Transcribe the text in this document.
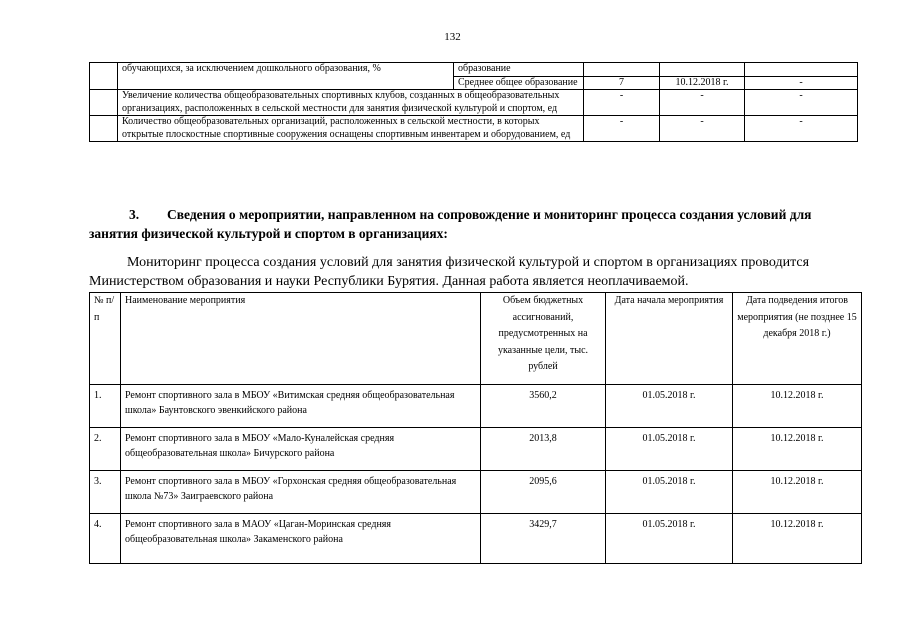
132
	обучающихся, за исключением дошкольного образования, %	образование			
		Среднее общее образование	7	10.12.2018 г.	-
	Увеличение количества общеобразовательных спортивных клубов, созданных в общеобразовательных организациях, расположенных в сельской местности для занятия физической культурой и спортом, ед		-	-	-
	Количество общеобразовательных организаций, расположенных в сельской местности, в которых открытые плоскостные спортивные сооружения оснащены спортивным инвентарем и оборудованием, ед		-	-	-
3. Сведения о мероприятии, направленном на сопровождение и мониторинг процесса создания условий для занятия физической культурой и спортом в организациях:
Мониторинг процесса создания условий для занятия физической культурой и спортом в организациях проводится Министерством образования и науки Республики Бурятия. Данная работа является неоплачиваемой.
№ п/п	Наименование мероприятия	Объем бюджетных ассигнований, предусмотренных на указанные цели, тыс. рублей	Дата начала мероприятия	Дата подведения итогов мероприятия (не позднее 15 декабря 2018 г.)
1.	Ремонт спортивного зала в МБОУ «Витимская средняя общеобразовательная школа» Баунтовского эвенкийского района	3560,2	01.05.2018 г.	10.12.2018 г.
2.	Ремонт спортивного зала в МБОУ «Мало-Куналейская средняя общеобразовательная школа» Бичурского района	2013,8	01.05.2018 г.	10.12.2018 г.
3.	Ремонт спортивного зала в МБОУ «Горхонская средняя общеобразовательная школа №73» Заиграевского района	2095,6	01.05.2018 г.	10.12.2018 г.
4.	Ремонт спортивного зала в МАОУ «Цаган-Моринская средняя общеобразовательная школа» Закаменского района	3429,7	01.05.2018 г.	10.12.2018 г.
